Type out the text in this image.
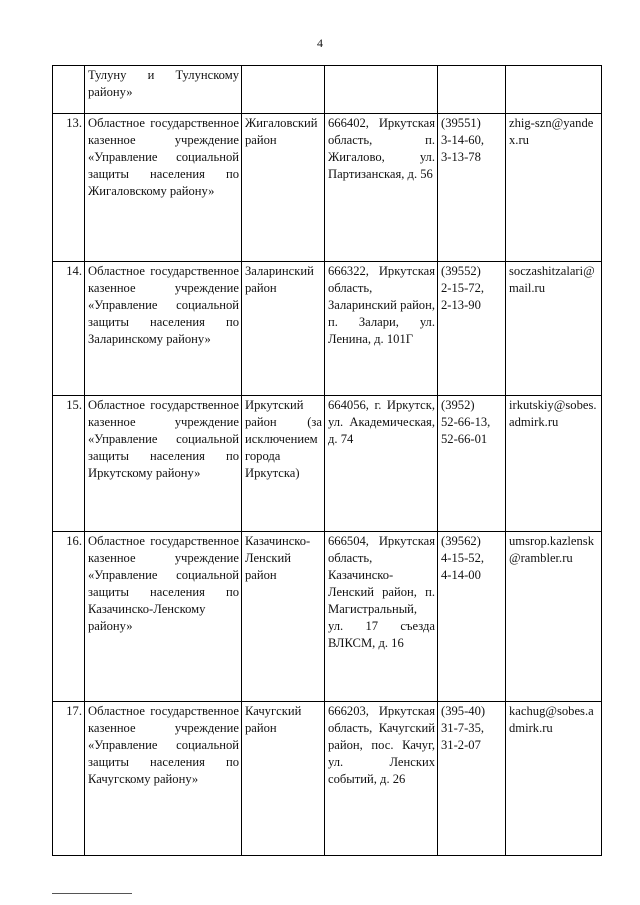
4
	Тулуну и Тулунскому району»				
13.	Областное государственное казенное учреждение «Управление социальной защиты населения по Жигаловскому району»	Жигаловский район	666402, Иркутская область, п. Жигалово, ул. Партизанская, д. 56	(39551)
3-14-60,
3-13-78	zhig-szn@yandex.ru
14.	Областное государственное казенное учреждение «Управление социальной защиты населения по Заларинскому району»	Заларинский район	666322, Иркутская область, Заларинский район, п. Залари, ул. Ленина, д. 101Г	(39552)
2-15-72,
2-13-90	soczashitzalari@mail.ru
15.	Областное государственное казенное учреждение «Управление социальной защиты населения по Иркутскому району»	Иркутский район (за исключением города Иркутска)	664056, г. Иркутск, ул. Академическая, д. 74	(3952)
52-66-13,
52-66-01	irkutskiy@sobes.admirk.ru
16.	Областное государственное казенное учреждение «Управление социальной защиты населения по Казачинско-Ленскому району»	Казачинско-Ленский район	666504, Иркутская область, Казачинско-Ленский район, п. Магистральный, ул. 17 съезда ВЛКСМ, д. 16	(39562)
4-15-52,
4-14-00	umsrop.kazlensk@rambler.ru
17.	Областное государственное казенное учреждение «Управление социальной защиты населения по Качугскому району»	Качугский район	666203, Иркутская область, Качугский район, пос. Качуг, ул. Ленских событий, д. 26	(395-40)
31-7-35,
31-2-07	kachug@sobes.admirk.ru
